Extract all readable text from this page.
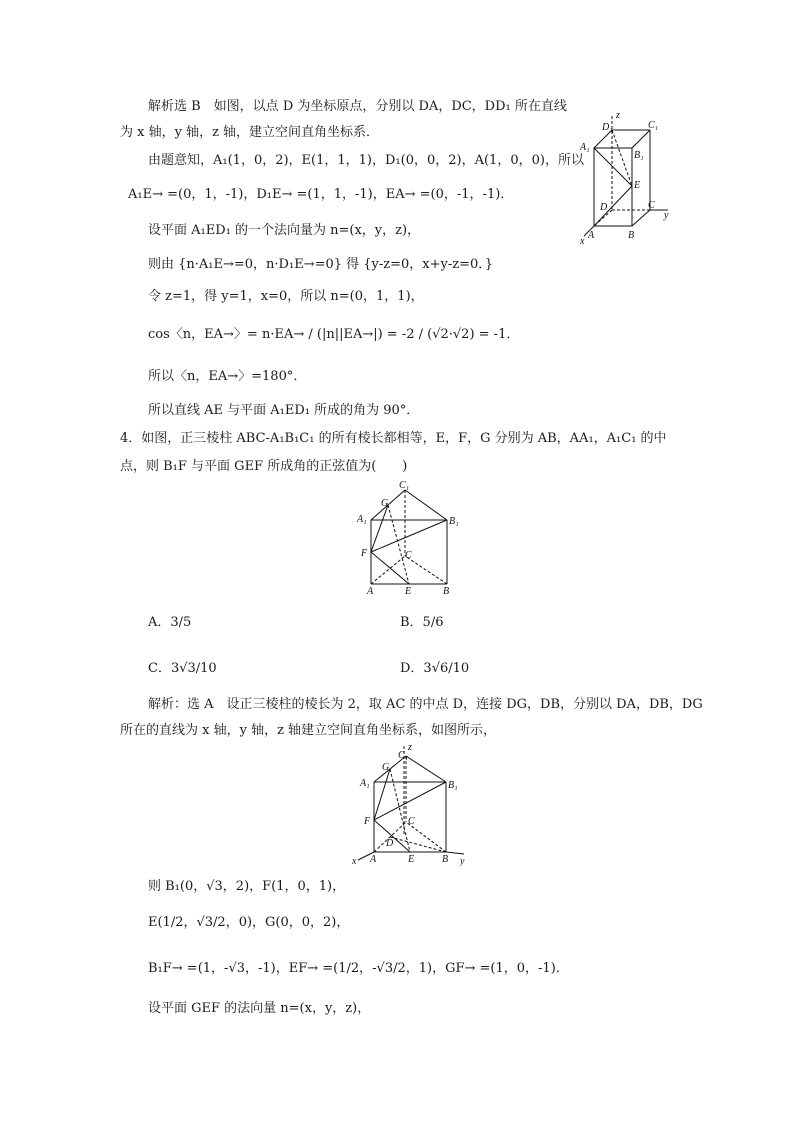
解析选 B　如图，以点 D 为坐标原点，分别以 DA，DC，DD₁ 所在直线
为 x 轴，y 轴，z 轴，建立空间直角坐标系．
由题意知，A₁(1，0，2)，E(1，1，1)，D₁(0，0，2)，A(1，0，0)，所以
A₁E→ =(0，1，-1)，D₁E→ =(1，1，-1)，EA→ =(0，-1，-1)．
设平面 A₁ED₁ 的一个法向量为 n=(x，y，z)，
则由 {n·A₁E→=0，n·D₁E→=0} 得 {y-z=0，x+y-z=0．}
令 z=1，得 y=1，x=0，所以 n=(0，1，1)，
cos〈n，EA→〉= n·EA→ / (|n||EA→|) = -2 / (√2·√2) = -1．
所以〈n，EA→〉=180°．
所以直线 AE 与平面 A₁ED₁ 所成的角为 90°．
D₁
z
C₁
A₁
B₁
E
D	C
y
A	B
x
4．如图，正三棱柱 ABC-A₁B₁C₁ 的所有棱长都相等，E，F，G 分别为 AB，AA₁，A₁C₁ 的中
点，则 B₁F 与平面 GEF 所成角的正弦值为(　　)
C₁
G
A₁	B₁
F	C
A	E	B
A．3/5	B．5/6
C．3√3/10	D．3√6/10
解析：选 A　设正三棱柱的棱长为 2，取 AC 的中点 D，连接 DG，DB，分别以 DA，DB，DG
所在的直线为 x 轴，y 轴，z 轴建立空间直角坐标系，如图所示，
z
C₁
G
A₁	B₁
F	C
D
A	E	B y
x
则 B₁(0，√3，2)，F(1，0，1)，
E(1/2，√3/2，0)，G(0，0，2)，
B₁F→ =(1，-√3，-1)，EF→ =(1/2，-√3/2，1)，GF→ =(1，0，-1)．
设平面 GEF 的法向量 n=(x，y，z)，
